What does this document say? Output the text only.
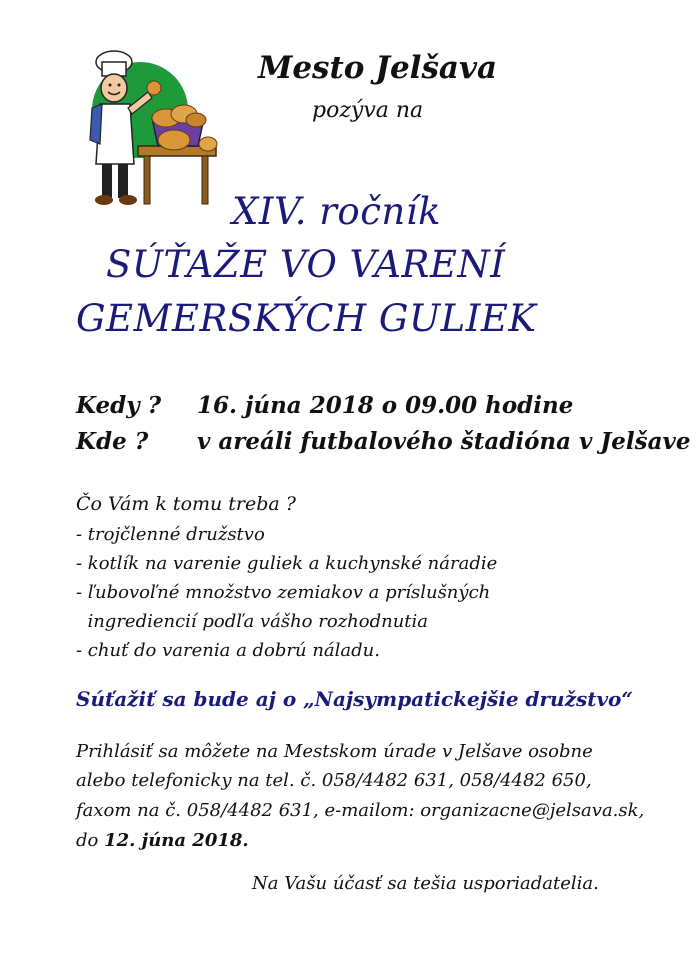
Mesto Jelšava
pozýva na
XIV. ročník
SÚŤAŽE VO VARENÍ
GEMERSKÝCH GULIEK
Kedy ? 16. júna 2018 o 09.00 hodine
Kde ? v areáli futbalového štadióna v Jelšave
Čo Vám k tomu treba ?
- trojčlenné družstvo
- kotlík na varenie guliek a kuchynské náradie
- ľubovoľné množstvo zemiakov a príslušných
ingrediencií podľa vášho rozhodnutia
- chuť do varenia a dobrú náladu.
Súťažiť sa bude aj o „Najsympatickejšie družstvo“
Prihlásiť sa môžete na Mestskom úrade v Jelšave osobne
alebo telefonicky na tel. č. 058/4482 631, 058/4482 650,
faxom na č. 058/4482 631, e-mailom: organizacne@jelsava.sk,
do 12. júna 2018.
Na Vašu účasť sa tešia usporiadatelia.
